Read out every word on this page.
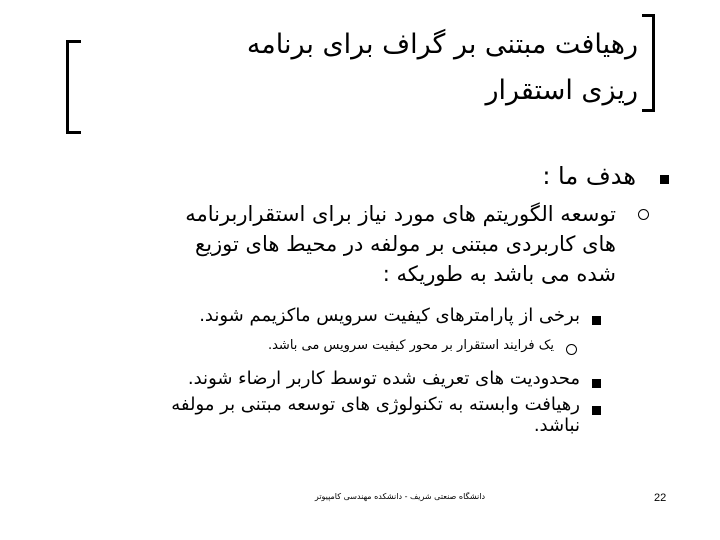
رهیافت مبتنی بر گراف برای برنامه
ریزی استقرار
هدف ما :
توسعه الگوریتم های مورد نیاز برای استقراربرنامه
های کاربردی مبتنی بر مولفه در محیط های توزیع
شده می باشد به طوریکه :
برخی از پارامترهای کیفیت سرویس ماکزیمم شوند.
یک فرایند استقرار بر محور کیفیت سرویس می باشد.
محدودیت های تعریف شده توسط کاربر ارضاء شوند.
رهیافت وابسته به تکنولوژی های توسعه مبتنی بر مولفه
نباشد.
دانشگاه صنعتی شریف - دانشکده مهندسی کامپیوتر	22
